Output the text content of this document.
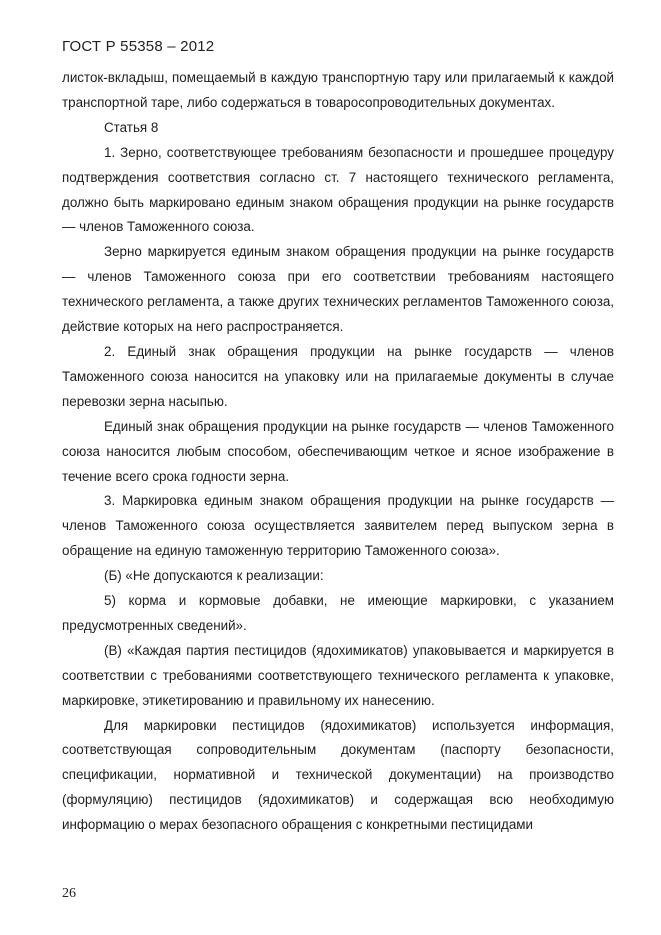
ГОСТ Р 55358 – 2012

листок-вкладыш, помещаемый в каждую транспортную тару или прилагаемый к каждой транспортной таре, либо содержаться в товаросопроводительных документах.

Статья 8

1. Зерно, соответствующее требованиям безопасности и прошедшее процедуру подтверждения соответствия согласно ст. 7 настоящего технического регламента, должно быть маркировано единым знаком обращения продукции на рынке государств — членов Таможенного союза.

Зерно маркируется единым знаком обращения продукции на рынке государств — членов Таможенного союза при его соответствии требованиям настоящего технического регламента, а также других технических регламентов Таможенного союза, действие которых на него распространяется.

2. Единый знак обращения продукции на рынке государств — членов Таможенного союза наносится на упаковку или на прилагаемые документы в случае перевозки зерна насыпью.

Единый знак обращения продукции на рынке государств — членов Таможенного союза наносится любым способом, обеспечивающим четкое и ясное изображение в течение всего срока годности зерна.

3. Маркировка единым знаком обращения продукции на рынке государств — членов Таможенного союза осуществляется заявителем перед выпуском зерна в обращение на единую таможенную территорию Таможенного союза».

(Б) «Не допускаются к реализации:

5) корма и кормовые добавки, не имеющие маркировки, с указанием предусмотренных сведений».

(В) «Каждая партия пестицидов (ядохимикатов) упаковывается и маркируется в соответствии с требованиями соответствующего технического регламента к упаковке, маркировке, этикетированию и правильному их нанесению.

Для маркировки пестицидов (ядохимикатов) используется информация, соответствующая сопроводительным документам (паспорту безопасности, спецификации, нормативной и технической документации) на производство (формуляцию) пестицидов (ядохимикатов) и содержащая всю необходимую информацию о мерах безопасного обращения с конкретными пестицидами

26
